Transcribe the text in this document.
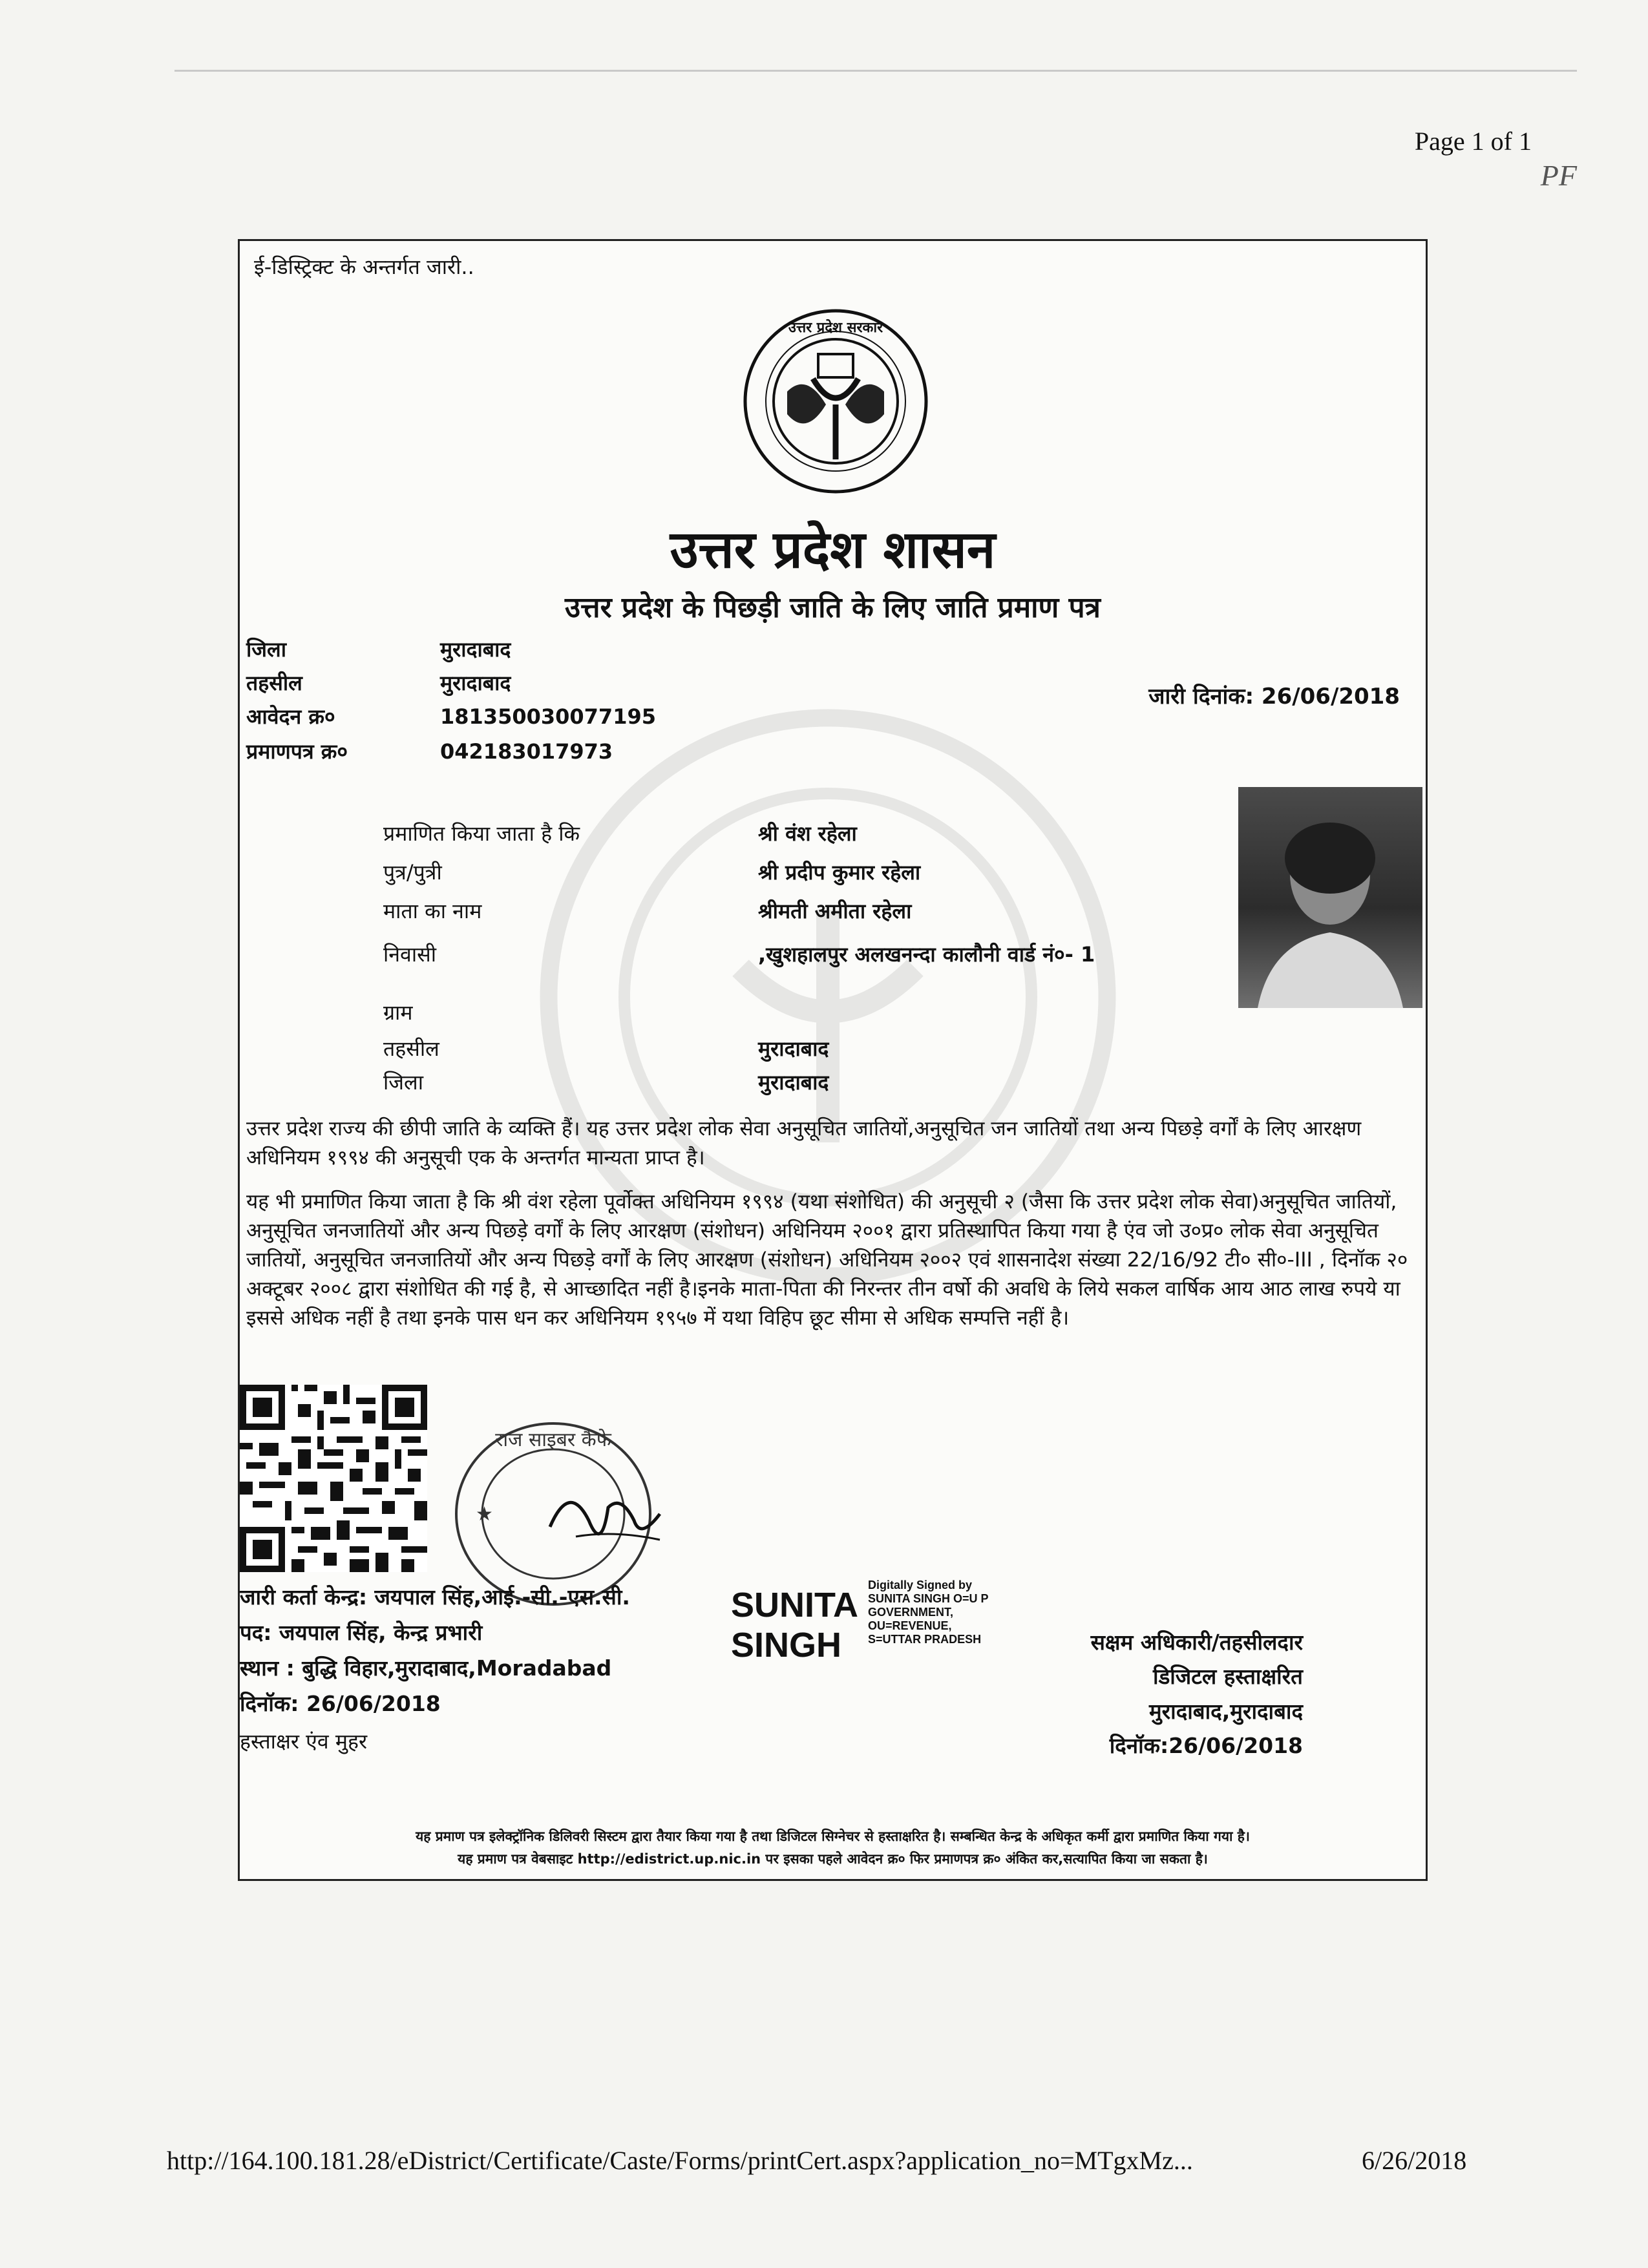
Page 1 of 1
PF
ई-डिस्ट्रिक्ट के अन्तर्गत जारी..
उत्तर प्रदेश सरकार
उत्तर प्रदेश शासन
उत्तर प्रदेश के पिछड़ी जाति के लिए जाति प्रमाण पत्र
जिला	मुरादाबाद
तहसील	मुरादाबाद
आवेदन क्र०	181350030077195
प्रमाणपत्र क्र०	042183017973
जारी दिनांक: 26/06/2018
प्रमाणित किया जाता है कि	श्री वंश रहेला
पुत्र/पुत्री	श्री प्रदीप कुमार रहेला
माता का नाम	श्रीमती अमीता रहेला
निवासी	,खुशहालपुर अलखनन्दा कालौनी वार्ड नं०- 1
ग्राम
तहसील	मुरादाबाद
जिला	मुरादाबाद
उत्तर प्रदेश राज्य की छीपी जाति के व्यक्ति हैं। यह उत्तर प्रदेश लोक सेवा अनुसूचित जातियों,अनुसूचित जन जातियों तथा अन्य पिछड़े वर्गों के लिए आरक्षण अधिनियम १९९४ की अनुसूची एक के अन्तर्गत मान्यता प्राप्त है।
यह भी प्रमाणित किया जाता है कि श्री वंश रहेला पूर्वोक्त अधिनियम १९९४ (यथा संशोधित) की अनुसूची २ (जैसा कि उत्तर प्रदेश लोक सेवा)अनुसूचित जातियों, अनुसूचित जनजातियों और अन्य पिछड़े वर्गों के लिए आरक्षण (संशोधन) अधिनियम २००१ द्वारा प्रतिस्थापित किया गया है एंव जो उ०प्र० लोक सेवा अनुसूचित जातियों, अनुसूचित जनजातियों और अन्य पिछड़े वर्गों के लिए आरक्षण (संशोधन) अधिनियम २००२ एवं शासनादेश संख्या 22/16/92 टी० सी०-III , दिनॉक २० अक्टूबर २००८ द्वारा संशोधित की गई है, से आच्छादित नहीं है।इनके माता-पिता की निरन्तर तीन वर्षो की अवधि के लिये सकल वार्षिक आय आठ लाख रुपये या इससे अधिक नहीं है तथा इनके पास धन कर अधिनियम १९५७ में यथा विहिप छूट सीमा से अधिक सम्पत्ति नहीं है।
राज साइबर कैफे
★
जारी कर्ता केन्द्र: जयपाल सिंह,आई.-सी.-एस.सी.
पद: जयपाल सिंह, केन्द्र प्रभारी
स्थान : बुद्धि विहार,मुरादाबाद,Moradabad
दिनॉक: 26/06/2018
हस्ताक्षर एंव मुहर
SUNITA
SINGH
Digitally Signed by
SUNITA SINGH O=U P
GOVERNMENT,
OU=REVENUE,
S=UTTAR PRADESH	सक्षम अधिकारी/तहसीलदार
डिजिटल हस्ताक्षरित
मुरादाबाद,मुरादाबाद
दिनॉक:26/06/2018
यह प्रमाण पत्र इलेक्ट्रॉनिक डिलिवरी सिस्टम द्वारा तैयार किया गया है तथा डिजिटल सिग्नेचर से हस्ताक्षरित है। सम्बन्धित केन्द्र के अधिकृत कर्मी द्वारा प्रमाणित किया गया है।
यह प्रमाण पत्र वेबसाइट http://edistrict.up.nic.in पर इसका पहले आवेदन क्र० फिर प्रमाणपत्र क्र० अंकित कर,सत्यापित किया जा सकता है।
http://164.100.181.28/eDistrict/Certificate/Caste/Forms/printCert.aspx?application_no=MTgxMz...	6/26/2018
